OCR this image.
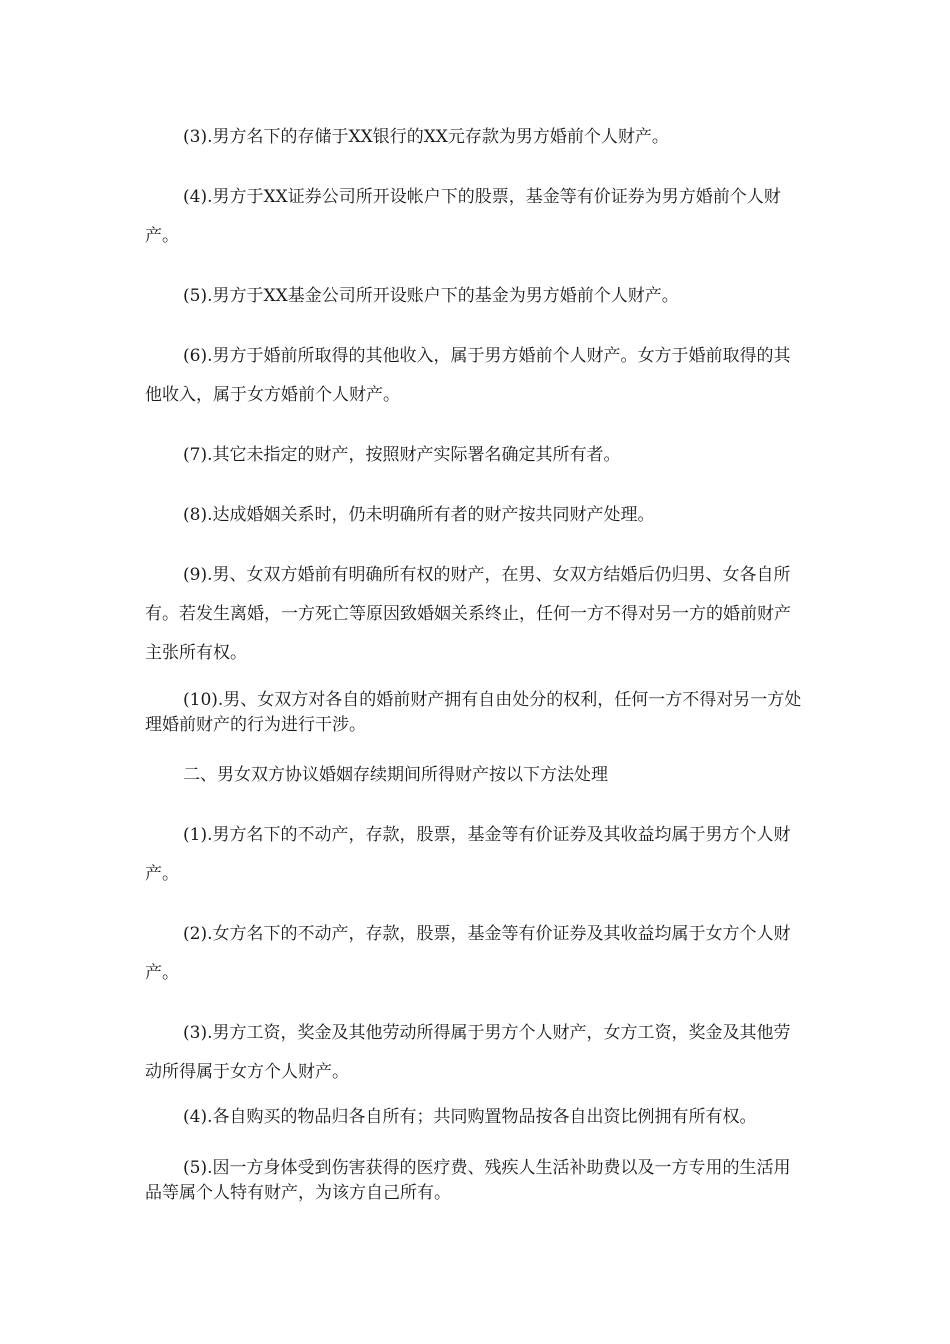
(3).男方名下的存储于XX银行的XX元存款为男方婚前个人财产。

(4).男方于XX证券公司所开设帐户下的股票，基金等有价证券为男方婚前个人财产。

(5).男方于XX基金公司所开设账户下的基金为男方婚前个人财产。

(6).男方于婚前所取得的其他收入，属于男方婚前个人财产。女方于婚前取得的其他收入，属于女方婚前个人财产。

(7).其它未指定的财产，按照财产实际署名确定其所有者。

(8).达成婚姻关系时，仍未明确所有者的财产按共同财产处理。

(9).男、女双方婚前有明确所有权的财产，在男、女双方结婚后仍归男、女各自所有。若发生离婚，一方死亡等原因致婚姻关系终止，任何一方不得对另一方的婚前财产主张所有权。

(10).男、女双方对各自的婚前财产拥有自由处分的权利，任何一方不得对另一方处理婚前财产的行为进行干涉。

二、男女双方协议婚姻存续期间所得财产按以下方法处理

(1).男方名下的不动产，存款，股票，基金等有价证券及其收益均属于男方个人财产。

(2).女方名下的不动产，存款，股票，基金等有价证券及其收益均属于女方个人财产。

(3).男方工资，奖金及其他劳动所得属于男方个人财产，女方工资，奖金及其他劳动所得属于女方个人财产。

(4).各自购买的物品归各自所有；共同购置物品按各自出资比例拥有所有权。

(5).因一方身体受到伤害获得的医疗费、残疾人生活补助费以及一方专用的生活用品等属个人特有财产，为该方自己所有。
